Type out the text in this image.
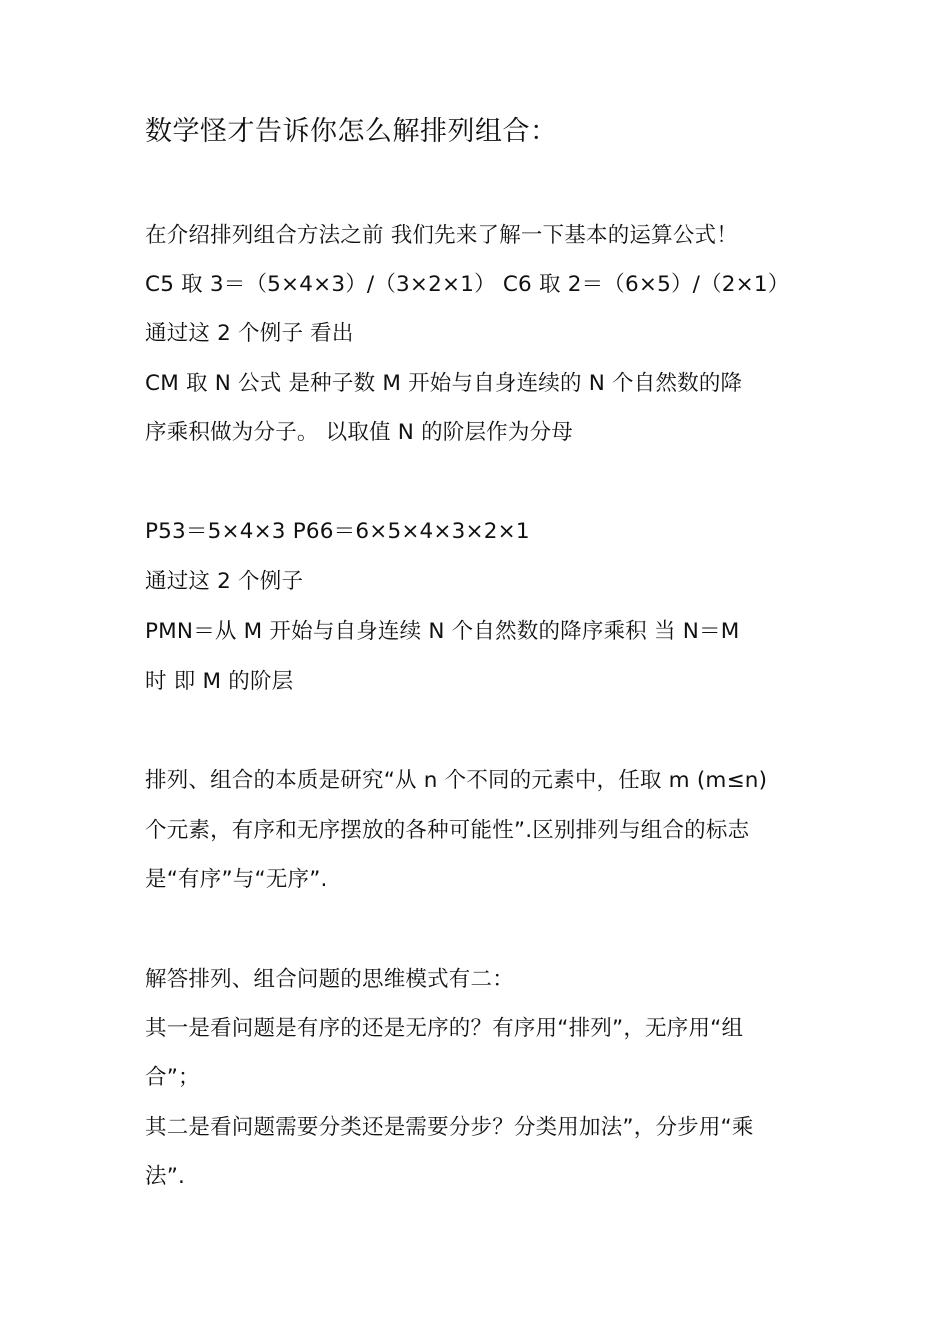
数学怪才告诉你怎么解排列组合：
在介绍排列组合方法之前 我们先来了解一下基本的运算公式！
C5 取 3＝（5×4×3）/（3×2×1） C6 取 2＝（6×5）/（2×1）
通过这 2 个例子 看出
CM 取 N 公式 是种子数 M 开始与自身连续的 N 个自然数的降
序乘积做为分子。 以取值 N 的阶层作为分母
P53＝5×4×3 P66＝6×5×4×3×2×1
通过这 2 个例子
PMN＝从 M 开始与自身连续 N 个自然数的降序乘积 当 N＝M
时 即 M 的阶层
排列、组合的本质是研究“从 n 个不同的元素中，任取 m (m≤n)
个元素，有序和无序摆放的各种可能性”.区别排列与组合的标志
是“有序”与“无序”.
解答排列、组合问题的思维模式有二：
其一是看问题是有序的还是无序的？有序用“排列”，无序用“组
合”；
其二是看问题需要分类还是需要分步？分类用加法”，分步用“乘
法”.
